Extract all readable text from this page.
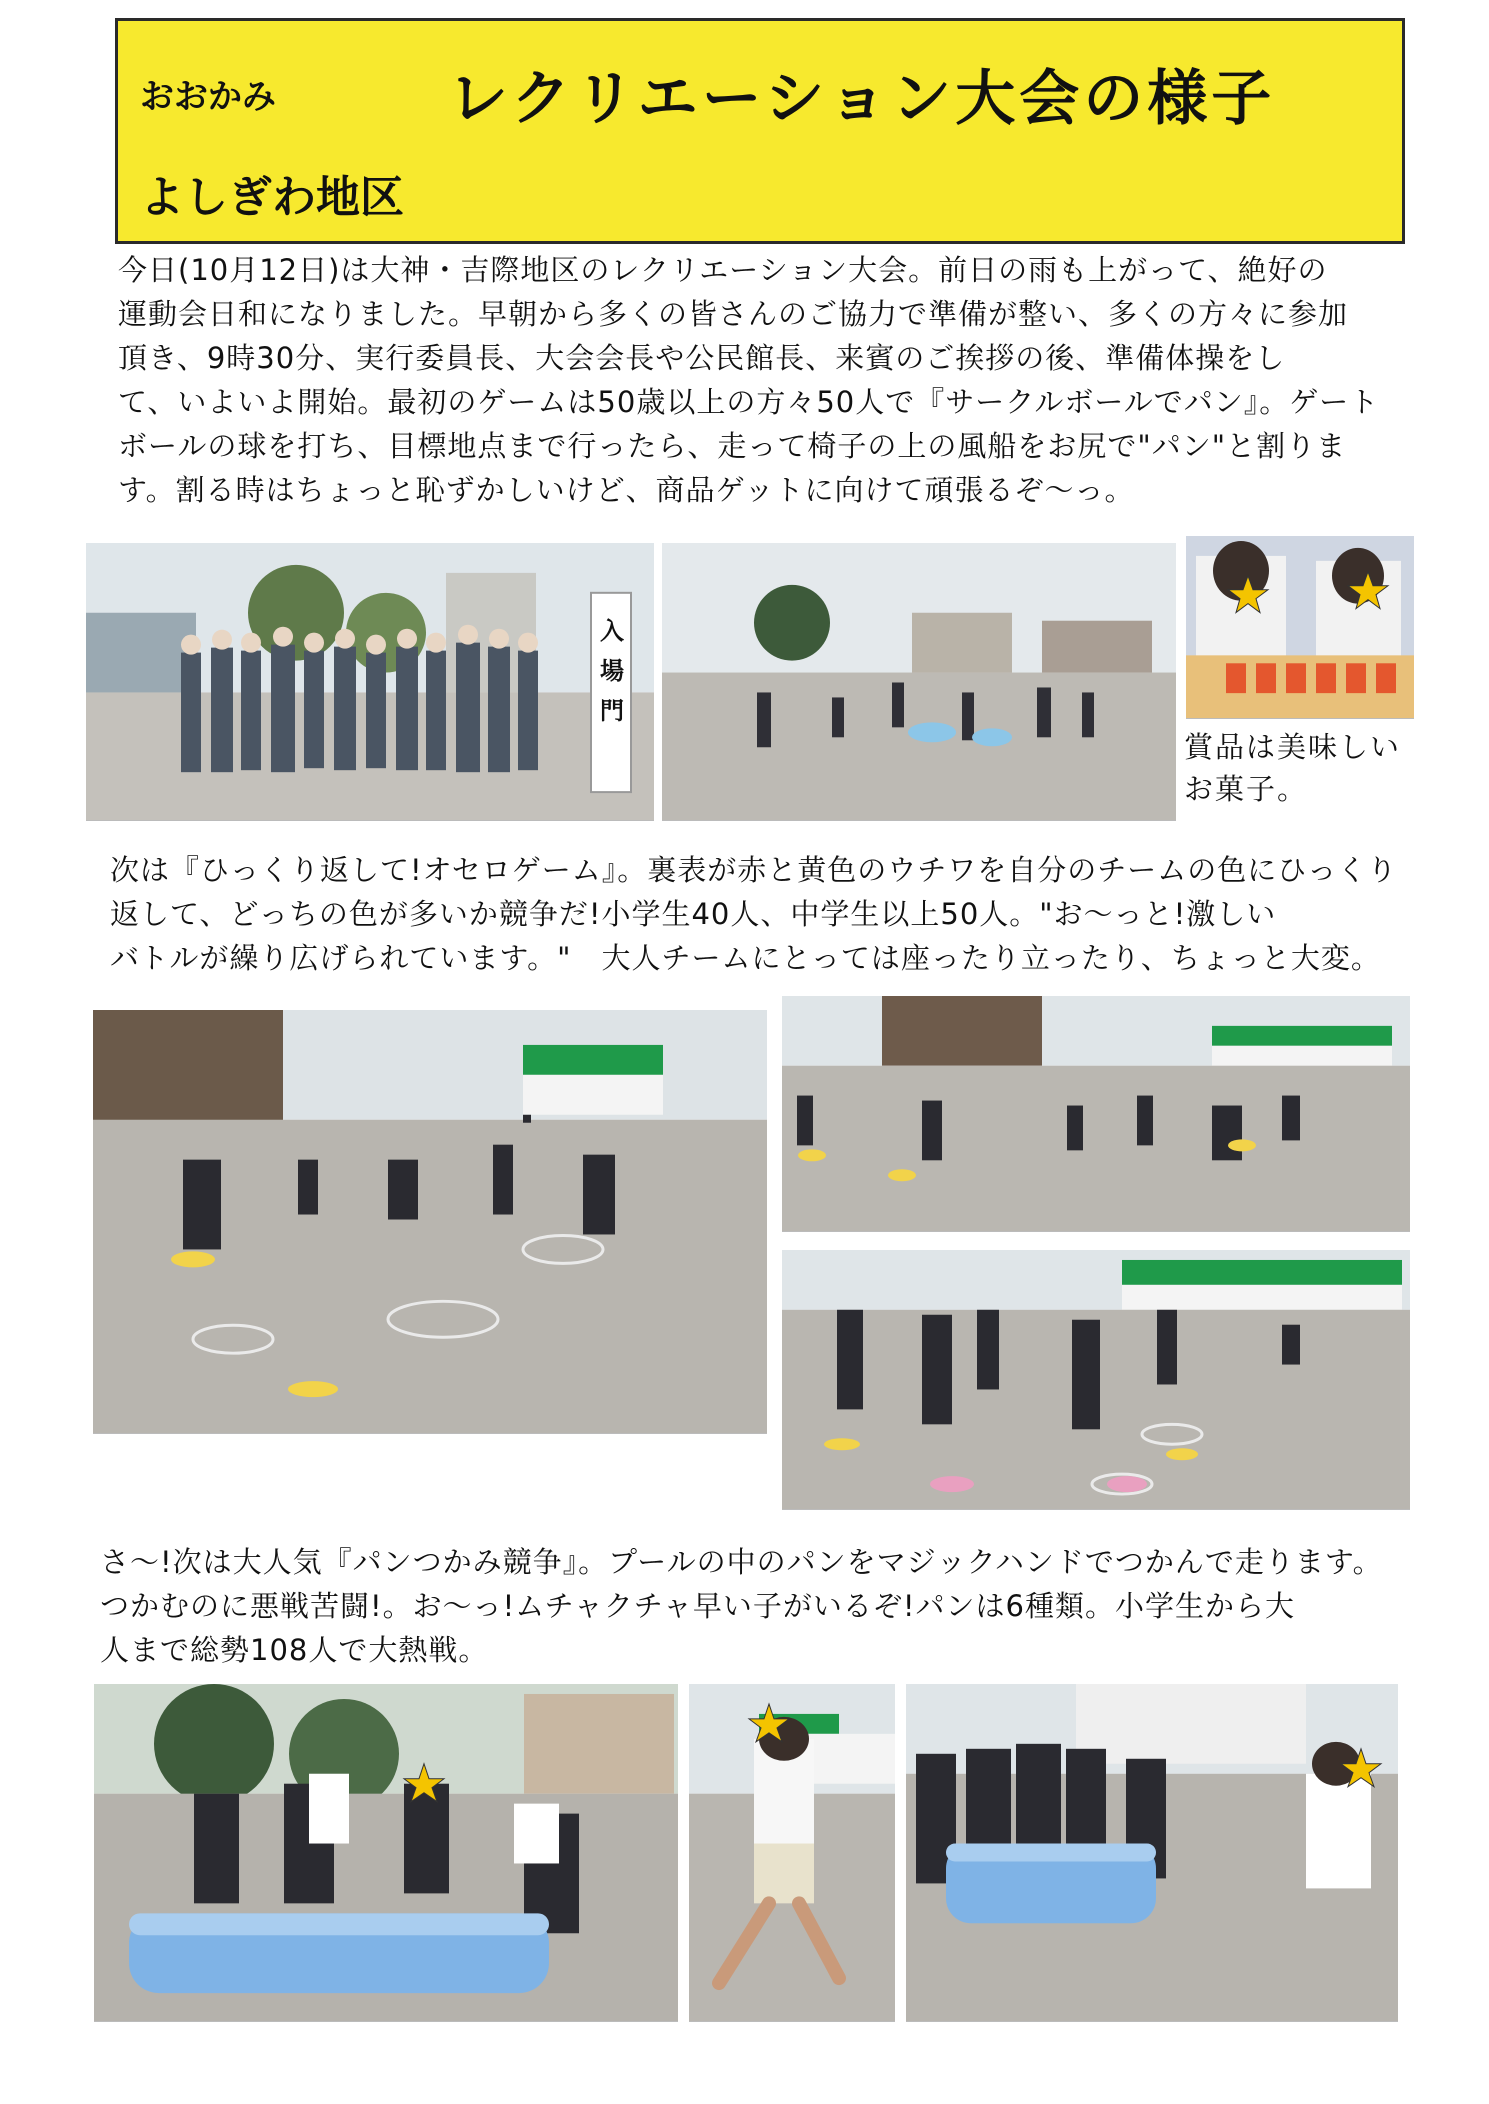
おおかみ	レクリエーション大会の様子
よしぎわ地区

今日(10月12日)は大神・吉際地区のレクリエーション大会。前日の雨も上がって、絶好の
運動会日和になりました。早朝から多くの皆さんのご協力で準備が整い、多くの方々に参加
頂き、9時30分、実行委員長、大会会長や公民館長、来賓のご挨拶の後、準備体操をし
て、いよいよ開始。最初のゲームは50歳以上の方々50人で『サークルボールでパン』。ゲート
ボールの球を打ち、目標地点まで行ったら、走って椅子の上の風船をお尻で"パン"と割りま
す。割る時はちょっと恥ずかしいけど、商品ゲットに向けて頑張るぞ〜っ。

入場門
賞品は美味しい
お菓子。

次は『ひっくり返して!オセロゲーム』。裏表が赤と黄色のウチワを自分のチームの色にひっくり
返して、どっちの色が多いか競争だ!小学生40人、中学生以上50人。"お〜っと!激しい
バトルが繰り広げられています。"　大人チームにとっては座ったり立ったり、ちょっと大変。

さ〜!次は大人気『パンつかみ競争』。プールの中のパンをマジックハンドでつかんで走ります。
つかむのに悪戦苦闘!。お〜っ!ムチャクチャ早い子がいるぞ!パンは6種類。小学生から大
人まで総勢108人で大熱戦。
